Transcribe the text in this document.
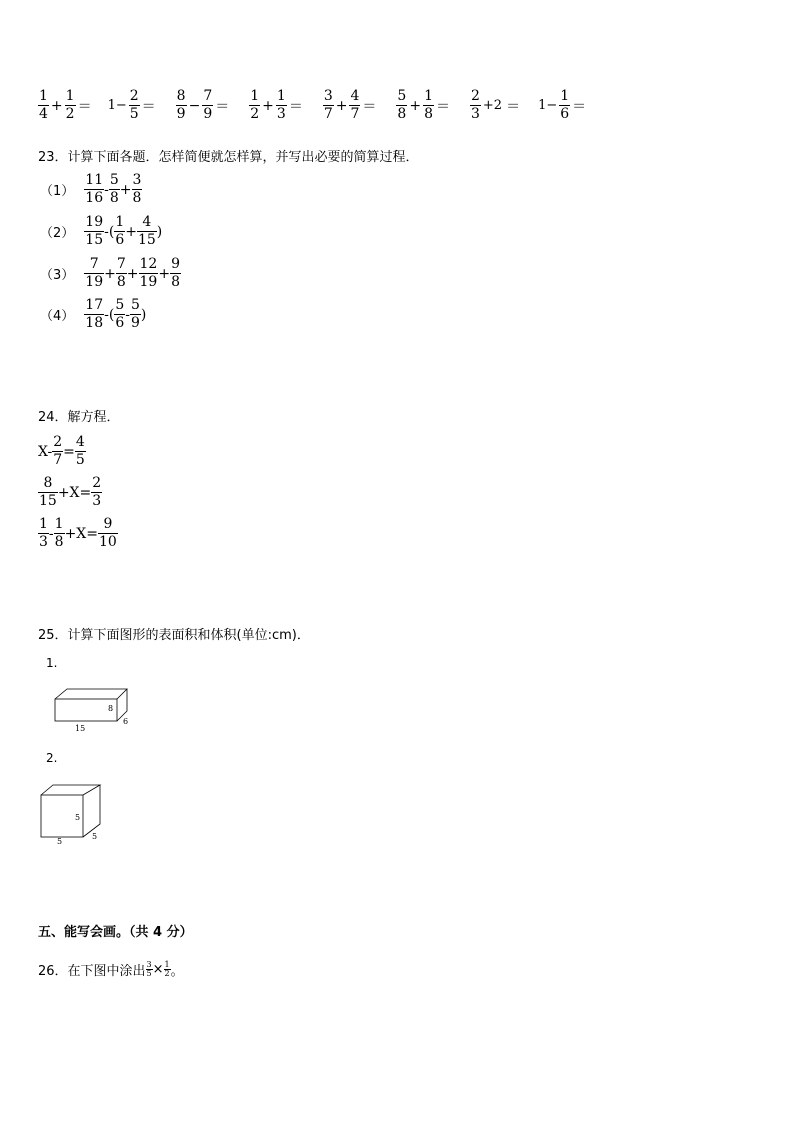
$\frac{1}{4} + \frac{1}{2} = 1- \frac{2}{5} = \frac{8}{9} - \frac{7}{9} = \frac{1}{2} + \frac{1}{3} = \frac{3}{7} + \frac{4}{7} = \frac{5}{8} + \frac{1}{8} = \frac{2}{3} +2 = 1- \frac{1}{6}$ ＝
23．计算下面各题．怎样简便就怎样算，并写出必要的简算过程．
$(1) \frac{11}{16} - \frac{5}{8} + \frac{3}{8}$
$(2) \frac{19}{15}$ -( $\frac{1}{6} + \frac{4}{15}$ )
$(3) \frac{7}{19} + \frac{7}{8} + \frac{12}{19} + \frac{9}{8}$
$(4) \frac{17}{18}$ -( $\frac{5}{6} - \frac{5}{9}$ )
24．解方程．
$X- \frac{2}{7} = \frac{4}{5}$
$\frac{8}{15} +X= \frac{2}{3}$
$\frac{1}{3} - \frac{1}{8} +X= \frac{9}{10}$
25．计算下面图形的表面积和体积(单位:cm)．
1.
8
6
15
2.
5
5
5
五、能写会画。（共 4 分）
26．在下图中涂出 $\frac{3}{5} \times \frac{1}{2}$ 。
